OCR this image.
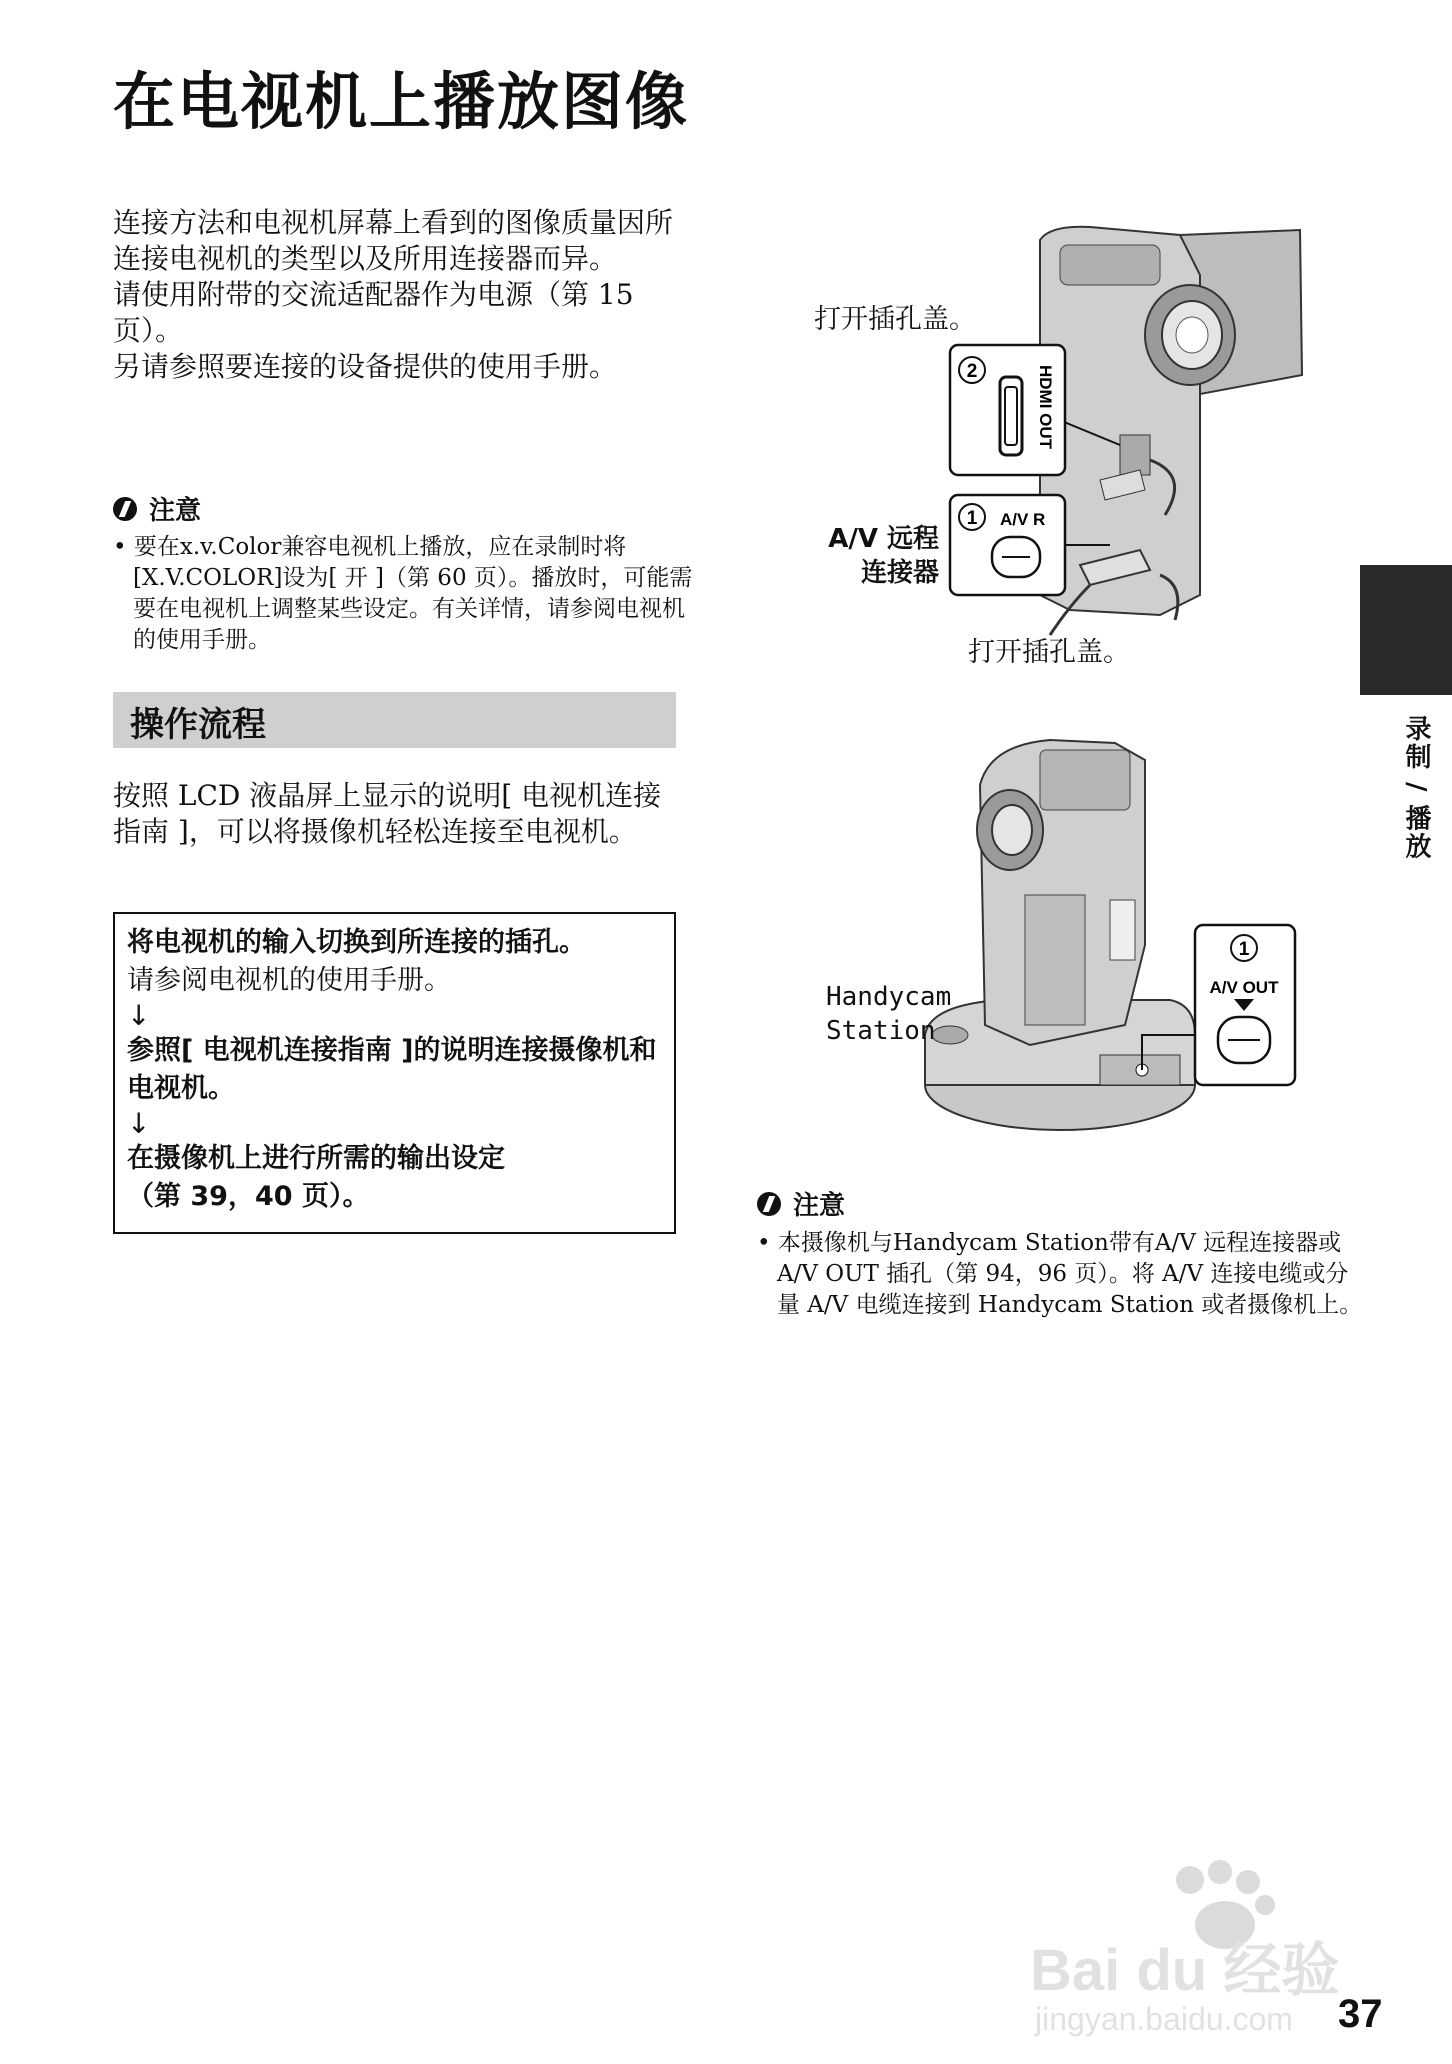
在电视机上播放图像

连接方法和电视机屏幕上看到的图像质量因所连接电视机的类型以及所用连接器而异。

请使用附带的交流适配器作为电源（第 15 页）。

另请参照要连接的设备提供的使用手册。

注意
• 要在x.v.Color兼容电视机上播放，应在录制时将[X.V.COLOR]设为[ 开 ]（第 60 页）。播放时，可能需要在电视机上调整某些设定。有关详情，请参阅电视机的使用手册。
操作流程
按照 LCD 液晶屏上显示的说明[ 电视机连接指南 ]，可以将摄像机轻松连接至电视机。
将电视机的输入切换到所连接的插孔。
请参阅电视机的使用手册。
↓
参照[ 电视机连接指南 ]的说明连接摄像机和电视机。
↓
在摄像机上进行所需的输出设定
（第 39，40 页）。
2	HDMI OUT
1 A/V R
打开插孔盖。
A/V 远程
连接器
打开插孔盖。
1
A/V OUT
Handycam
Station
注意
• 本摄像机与Handycam Station带有A/V 远程连接器或 A/V OUT 插孔（第 94，96 页）。将 A/V 连接电缆或分量 A/V 电缆连接到 Handycam Station 或者摄像机上。
录制 / 播放
37
Bai du 经验
jingyan.baidu.com
